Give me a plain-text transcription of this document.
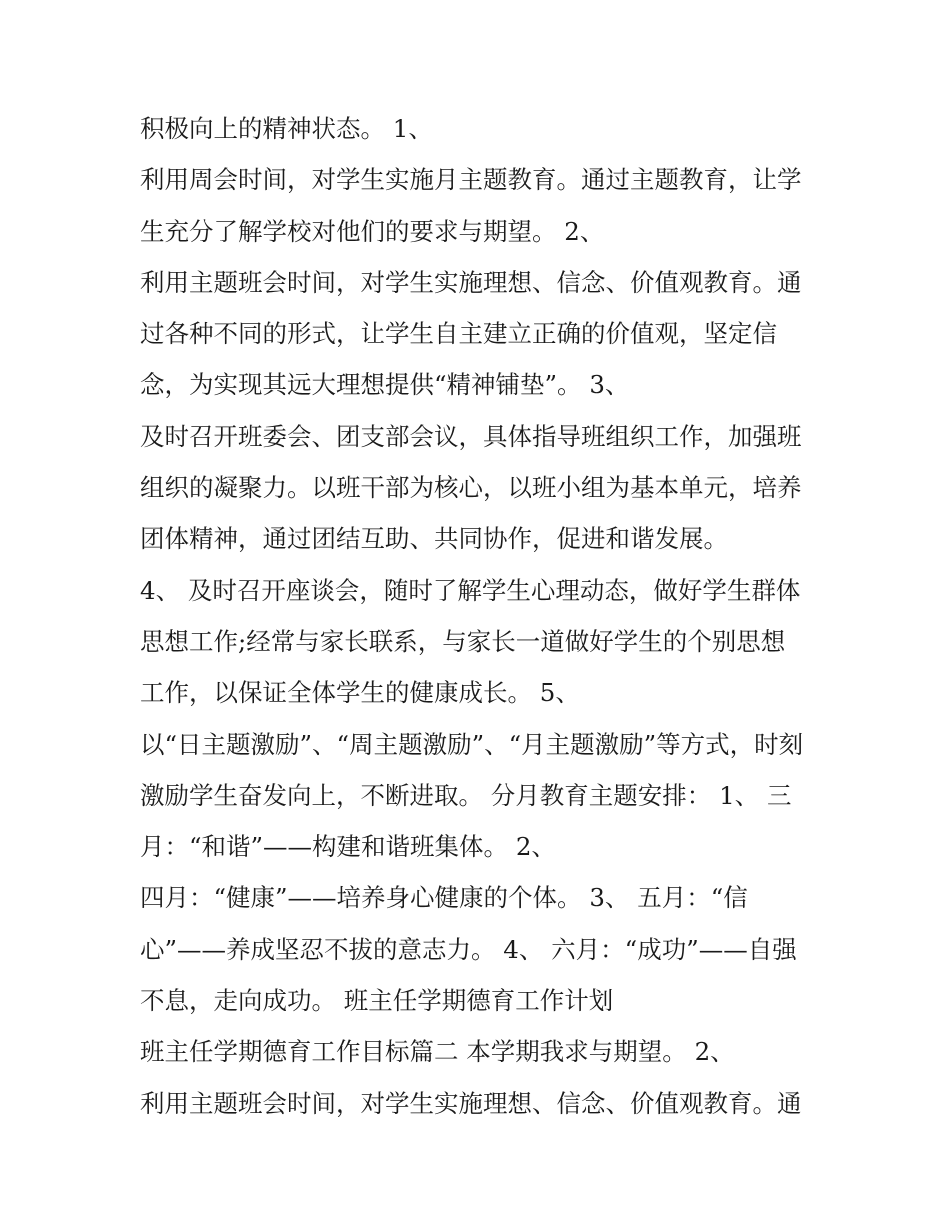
积极向上的精神状态。 1、
利用周会时间，对学生实施月主题教育。通过主题教育，让学
生充分了解学校对他们的要求与期望。 2、
利用主题班会时间，对学生实施理想、信念、价值观教育。通
过各种不同的形式，让学生自主建立正确的价值观，坚定信
念，为实现其远大理想提供“精神铺垫”。 3、
及时召开班委会、团支部会议，具体指导班组织工作，加强班
组织的凝聚力。以班干部为核心，以班小组为基本单元，培养
团体精神，通过团结互助、共同协作，促进和谐发展。
4、 及时召开座谈会，随时了解学生心理动态，做好学生群体
思想工作;经常与家长联系，与家长一道做好学生的个别思想
工作，以保证全体学生的健康成长。 5、
以“日主题激励”、“周主题激励”、“月主题激励”等方式，时刻
激励学生奋发向上，不断进取。 分月教育主题安排： 1、 三
月：“和谐”——构建和谐班集体。 2、
四月：“健康”——培养身心健康的个体。 3、 五月：“信
心”——养成坚忍不拔的意志力。 4、 六月：“成功”——自强
不息，走向成功。 班主任学期德育工作计划
班主任学期德育工作目标篇二 本学期我求与期望。 2、
利用主题班会时间，对学生实施理想、信念、价值观教育。通
